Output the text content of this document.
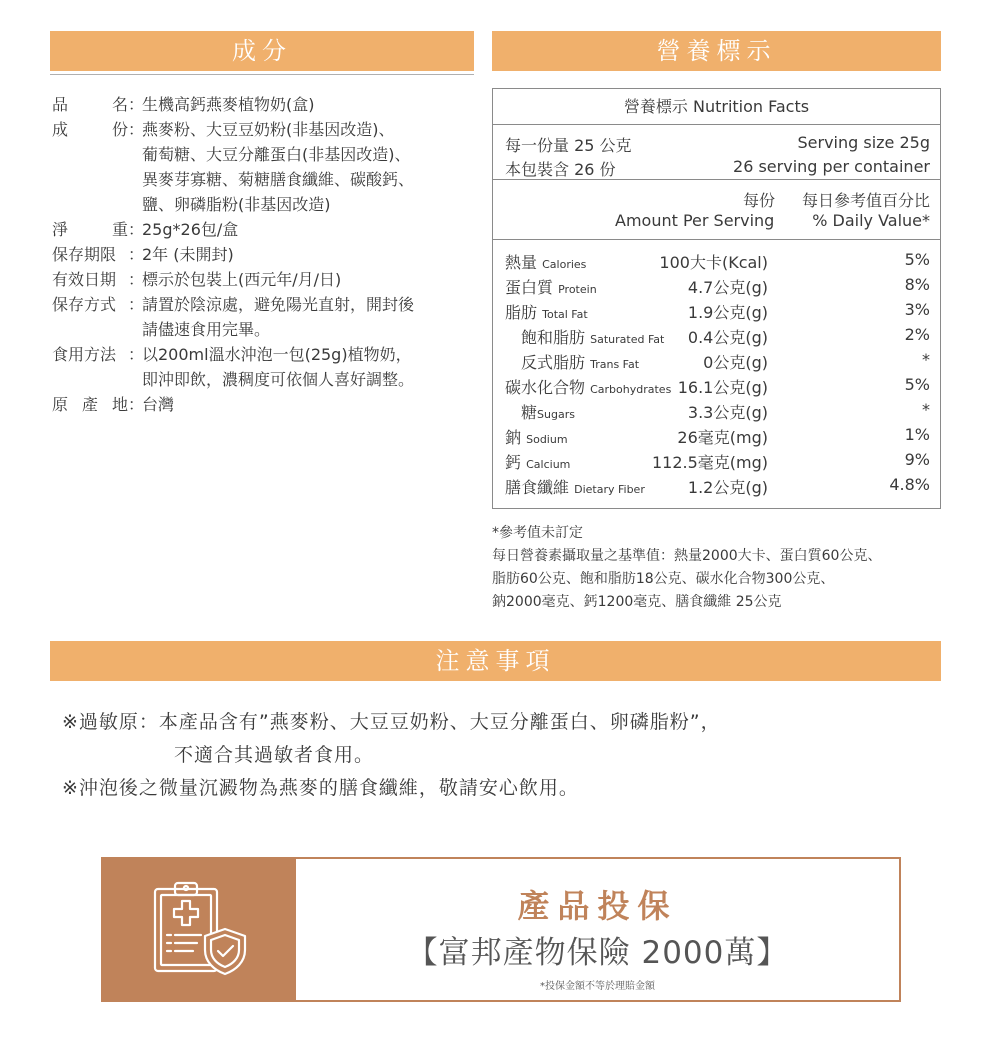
成分	營養標示
品	名 ：
生機高鈣燕麥植物奶(盒)
成	份 ：
燕麥粉、大豆豆奶粉(非基因改造)、
葡萄糖、大豆分離蛋白(非基因改造)、
異麥芽寡糖、菊糖膳食纖維、碳酸鈣、
鹽、卵磷脂粉(非基因改造)
淨	重 ：
25g*26包/盒
保存期限 ：
2年 (未開封)
有效日期 ：
標示於包裝上(西元年/月/日)
保存方式 ：
請置於陰涼處，避免陽光直射，開封後
請儘速食用完畢。
食用方法 ：
以200ml溫水沖泡一包(25g)植物奶，
即沖即飲，濃稠度可依個人喜好調整。
原 產 地 ：
台灣
營養標示 Nutrition Facts
每一份量 25 公克
本包裝含 26 份
Serving size 25g
26 serving per container
每份
Amount Per Serving
每日參考值百分比
% Daily Value*
熱量 Calories	100大卡(Kcal)	5%
蛋白質 Protein	4.7公克(g)	8%
脂肪 Total Fat	1.9公克(g)	3%
飽和脂肪 Saturated Fat 0.4公克(g)	2%
反式脂肪 Trans Fat	0公克(g)	*
碳水化合物 Carbohydrates 16.1公克(g)	5%
糖Sugars	3.3公克(g)	*
鈉 Sodium	26毫克(mg)	1%
鈣 Calcium	112.5毫克(mg)	9%
膳食纖維 Dietary Fiber	1.2公克(g)	4.8%
*參考值未訂定
每日營養素攝取量之基準值：熱量2000大卡、蛋白質60公克、
脂肪60公克、飽和脂肪18公克、碳水化合物300公克、
鈉2000毫克、鈣1200毫克、膳食纖維 25公克
注意事項
※過敏原：本產品含有”燕麥粉、大豆豆奶粉、大豆分離蛋白、卵磷脂粉”，
不適合其過敏者食用。
※沖泡後之微量沉澱物為燕麥的膳食纖維，敬請安心飲用。
產品投保
【富邦產物保險 2000萬】
*投保金額不等於理賠金額
